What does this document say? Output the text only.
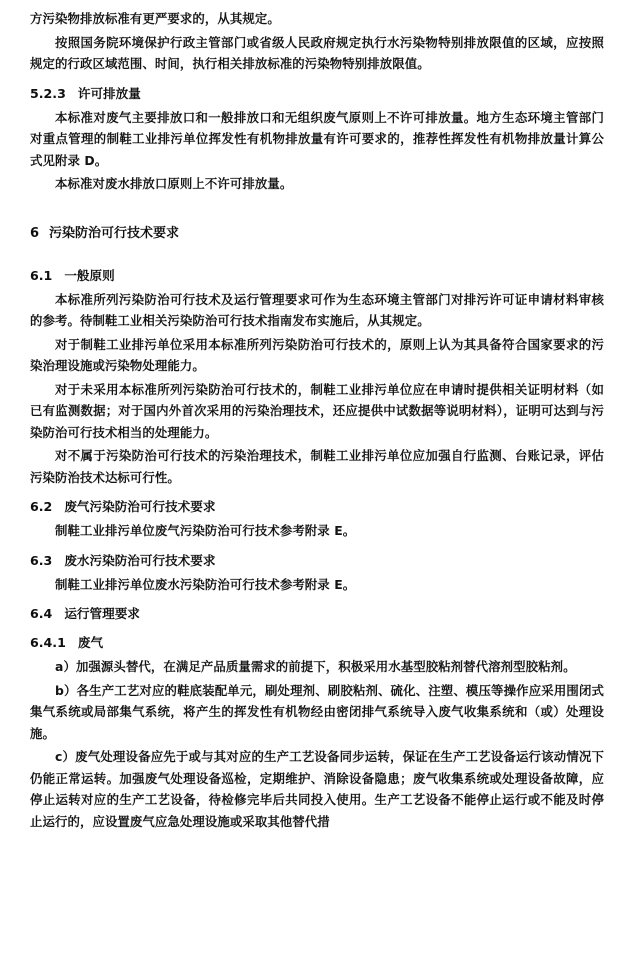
方污染物排放标准有更严要求的，从其规定。

按照国务院环境保护行政主管部门或省级人民政府规定执行水污染物特别排放限值的区域，应按照规定的行政区域范围、时间，执行相关排放标准的污染物特别排放限值。

5.2.3 许可排放量

本标准对废气主要排放口和一般排放口和无组织废气原则上不许可排放量。地方生态环境主管部门对重点管理的制鞋工业排污单位挥发性有机物排放量有许可要求的，推荐性挥发性有机物排放量计算公式见附录 D。

本标准对废水排放口原则上不许可排放量。

6 污染防治可行技术要求
6.1 一般原则

本标准所列污染防治可行技术及运行管理要求可作为生态环境主管部门对排污许可证申请材料审核的参考。待制鞋工业相关污染防治可行技术指南发布实施后，从其规定。

对于制鞋工业排污单位采用本标准所列污染防治可行技术的，原则上认为其具备符合国家要求的污染治理设施或污染物处理能力。

对于未采用本标准所列污染防治可行技术的，制鞋工业排污单位应在申请时提供相关证明材料（如已有监测数据；对于国内外首次采用的污染治理技术，还应提供中试数据等说明材料），证明可达到与污染防治可行技术相当的处理能力。

对不属于污染防治可行技术的污染治理技术，制鞋工业排污单位应加强自行监测、台账记录，评估污染防治技术达标可行性。

6.2 废气污染防治可行技术要求

制鞋工业排污单位废气污染防治可行技术参考附录 E。

6.3 废水污染防治可行技术要求

制鞋工业排污单位废水污染防治可行技术参考附录 E。

6.4 运行管理要求
6.4.1 废气

a）加强源头替代，在满足产品质量需求的前提下，积极采用水基型胶粘剂替代溶剂型胶粘剂。

b）各生产工艺对应的鞋底装配单元，刷处理剂、刷胶粘剂、硫化、注塑、模压等操作应采用围闭式集气系统或局部集气系统，将产生的挥发性有机物经由密闭排气系统导入废气收集系统和（或）处理设施。

c）废气处理设备应先于或与其对应的生产工艺设备同步运转，保证在生产工艺设备运行该动情况下仍能正常运转。加强废气处理设备巡检，定期维护、消除设备隐患；废气收集系统或处理设备故障，应停止运转对应的生产工艺设备，待检修完毕后共同投入使用。生产工艺设备不能停止运行或不能及时停止运行的，应设置废气应急处理设施或采取其他替代措
